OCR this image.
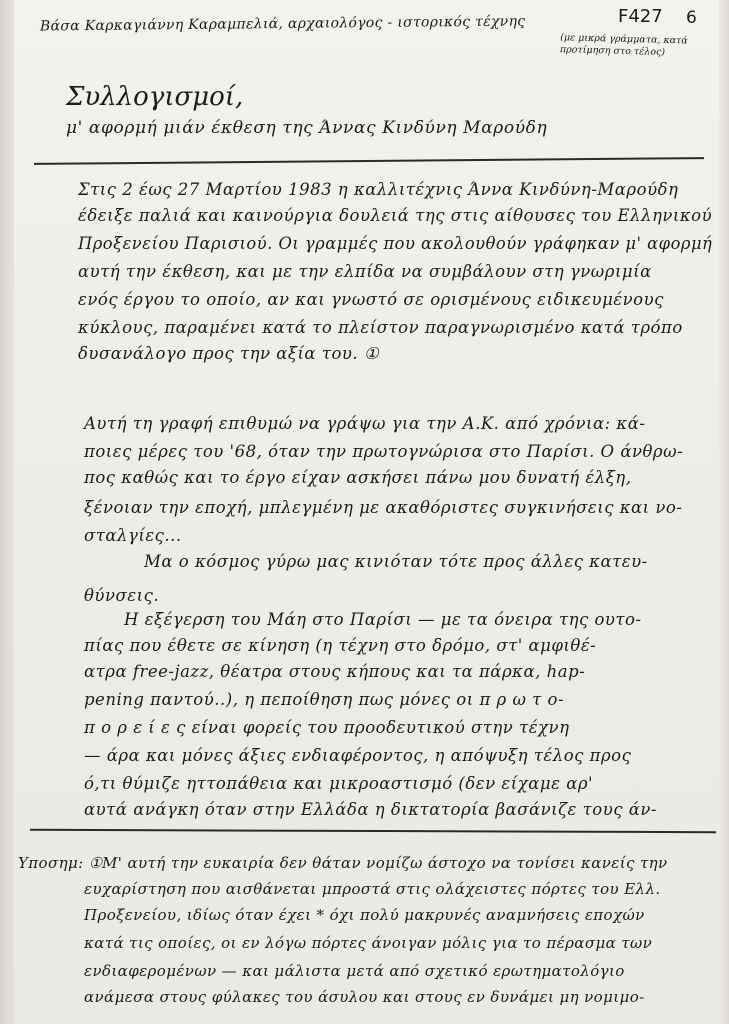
Βάσα Καρκαγιάννη Καραμπελιά, αρχαιολόγος - ιστορικός τέχνης
(με μικρά γράμματα, κατά προτίμηση στο τέλος)
F427 6
Συλλογισμοί,
μ' αφορμή μιάν έκθεση της Άννας Κινδύνη Μαρούδη
Στις 2 έως 27 Μαρτίου 1983 η καλλιτέχνις Άννα Κινδύνη-Μαρούδη
έδειξε παλιά και καινούργια δουλειά της στις αίθουσες του Ελληνικού
Προξενείου Παρισιού. Οι γραμμές που ακολουθούν γράφηκαν μ' αφορμή
αυτή την έκθεση, και με την ελπίδα να συμβάλουν στη γνωριμία
ενός έργου το οποίο, αν και γνωστό σε ορισμένους ειδικευμένους
κύκλους, παραμένει κατά το πλείστον παραγνωρισμένο κατά τρόπο
δυσανάλογο προς την αξία του. ①
Αυτή τη γραφή επιθυμώ να γράψω για την Α.Κ. από χρόνια: κά-
ποιες μέρες του '68, όταν την πρωτογνώρισα στο Παρίσι. Ο άνθρω-
πος καθώς και το έργο είχαν ασκήσει πάνω μου δυνατή έλξη,
ξένοιαν την εποχή, μπλεγμένη με ακαθόριστες συγκινήσεις και νο-
σταλγίες...
Μα ο κόσμος γύρω μας κινιόταν τότε προς άλλες κατευ-
θύνσεις.
Η εξέγερση του Μάη στο Παρίσι — με τα όνειρα της ουτο-
πίας που έθετε σε κίνηση (η τέχνη στο δρόμο, στ' αμφιθέ-
ατρα free-jazz, θέατρα στους κήπους και τα πάρκα, hap-
pening παντού..), η πεποίθηση πως μόνες οι π ρ ω τ ο-
π ο ρ ε ί ε ς είναι φορείς του προοδευτικού στην τέχνη
— άρα και μόνες άξιες ενδιαφέροντος, η απόψυξη τέλος προς
ό,τι θύμιζε ηττοπάθεια και μικροαστισμό (δεν είχαμε αρ'
αυτά ανάγκη όταν στην Ελλάδα η δικτατορία βασάνιζε τους άν-
Υποσημ: ① Μ' αυτή την ευκαιρία δεν θάταν νομίζω άστοχο να τονίσει κανείς την
ευχαρίστηση που αισθάνεται μπροστά στις ολάχειστες πόρτες του Ελλ.
Προξενείου, ιδίως όταν έχει * όχι πολύ μακρυνές αναμνήσεις εποχών
κατά τις οποίες, οι εν λόγω πόρτες άνοιγαν μόλις για το πέρασμα των
ενδιαφερομένων — και μάλιστα μετά από σχετικό ερωτηματολόγιο
ανάμεσα στους φύλακες του άσυλου και στους εν δυνάμει μη νομιμο-
